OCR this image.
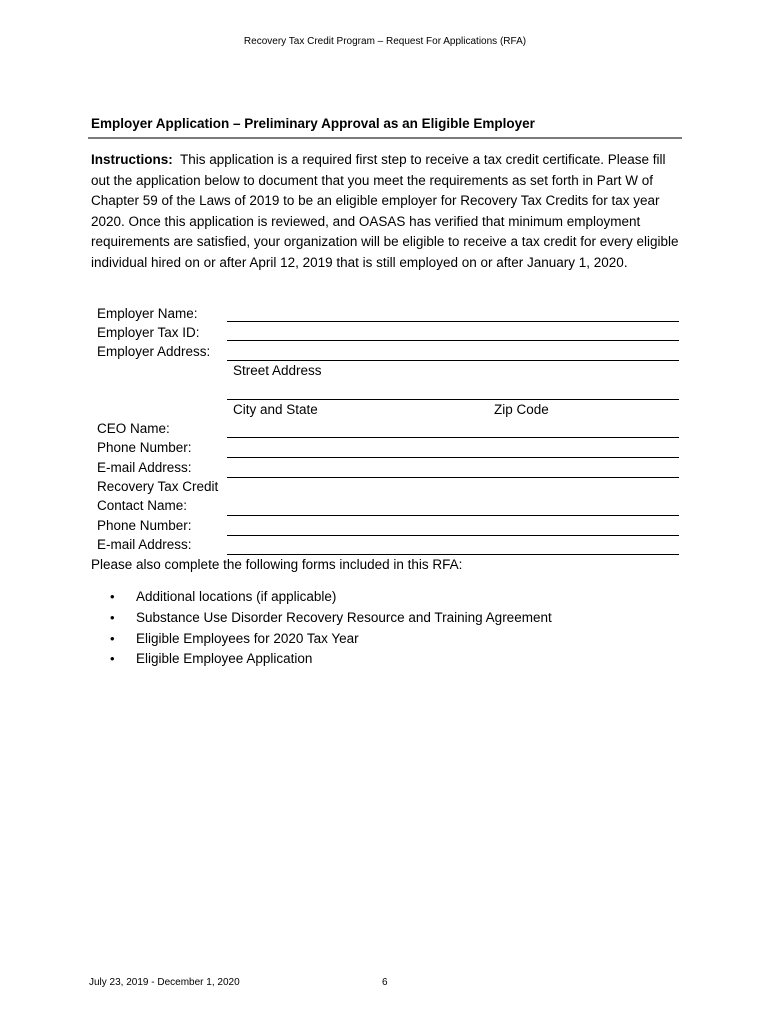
Recovery Tax Credit Program – Request For Applications (RFA)
Employer Application – Preliminary Approval as an Eligible Employer
Instructions: This application is a required first step to receive a tax credit certificate. Please fill out the application below to document that you meet the requirements as set forth in Part W of Chapter 59 of the Laws of 2019 to be an eligible employer for Recovery Tax Credits for tax year 2020. Once this application is reviewed, and OASAS has verified that minimum employment requirements are satisfied, your organization will be eligible to receive a tax credit for every eligible individual hired on or after April 12, 2019 that is still employed on or after January 1, 2020.
Employer Name:
Employer Tax ID:
Employer Address:
Street Address
City and State	Zip Code
CEO Name:
Phone Number:
E-mail Address:
Recovery Tax Credit
Contact Name:
Phone Number:
E-mail Address:
Please also complete the following forms included in this RFA:
• Additional locations (if applicable)
• Substance Use Disorder Recovery Resource and Training Agreement
• Eligible Employees for 2020 Tax Year
• Eligible Employee Application
July 23, 2019 - December 1, 2020	6
